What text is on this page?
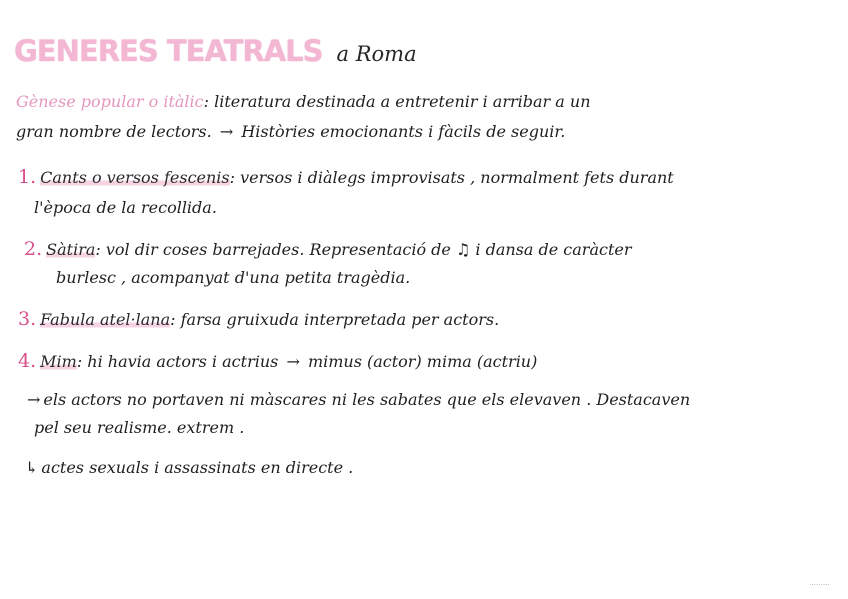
GENERES TEATRALS a Roma
Gènese popular o itàlic: literatura destinada a entretenir i arribar a un
gran nombre de lectors. → Històries emocionants i fàcils de seguir.
1. Cants o versos fescenis: versos i diàlegs improvisats , normalment fets durant
l'època de la recollida.
2. Sàtira: vol dir coses barrejades. Representació de ♫ i dansa de caràcter
burlesc , acompanyat d'una petita tragèdia.
3. Fabula atel·lana: farsa gruixuda interpretada per actors.
4. Mim: hi havia actors i actrius → mimus (actor) mima (actriu)
→ els actors no portaven ni màscares ni les sabates que els elevaven . Destacaven
pel seu realisme. extrem .
↳ actes sexuals i assassinats en directe .
………
